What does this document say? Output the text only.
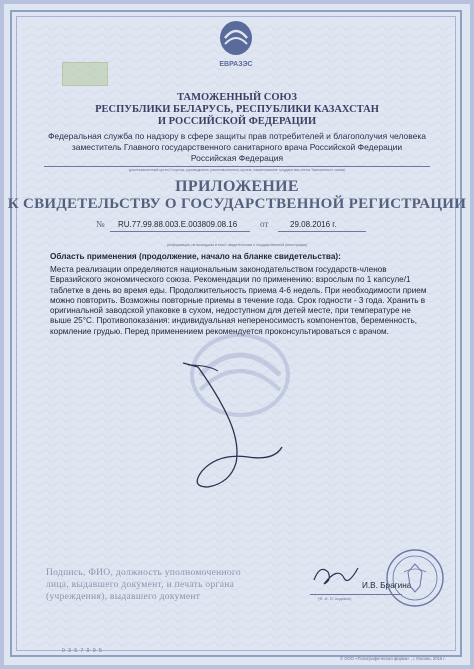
ЕВРАЗЭС
ТАМОЖЕННЫЙ СОЮЗ
РЕСПУБЛИКИ БЕЛАРУСЬ, РЕСПУБЛИКИ КАЗАХСТАН
И РОССИЙСКОЙ ФЕДЕРАЦИИ
Федеральная служба по надзору в сфере защиты прав потребителей и благополучия человека
заместитель Главного государственного санитарного врача Российской Федерации
Российская Федерация
(уполномоченный орган Стороны, руководитель уполномоченного органа, наименование государства-члена Таможенного союза)
ПРИЛОЖЕНИЕ
К СВИДЕТЕЛЬСТВУ О ГОСУДАРСТВЕННОЙ РЕГИСТРАЦИИ
№ RU.77.99.88.003.E.003809.08.16	от	29.08.2016 г.
(информация, не вошедшая в текст свидетельства о государственной регистрации)
Область применения (продолжение, начало на бланке свидетельства):
Места реализации определяются национальным законодательством государств-членов
Евразийского экономического союза. Рекомендации по применению: взрослым по 1 капсуле/1
таблетке в день во время еды. Продолжительность приема 4-6 недель. При необходимости прием
можно повторить. Возможны повторные приемы в течение года. Срок годности - 3 года. Хранить в
оригинальной заводской упаковке в сухом, недоступном для детей месте, при температуре не
выше 25°С. Противопоказания: индивидуальная непереносимость компонентов, беременность,
кормление грудью. Перед применением рекомендуется проконсультироваться с врачом.
Подпись, ФИО, должность уполномоченного
лица, выдавшего документ, и печать органа
(учреждения), выдавшего документ
И.В. Брагина
(Ф. И. О. подпись)
0 3 5 7 9 9 5
© ООО «Полиграфическая фирма» , г. Москва, 2016 г.
